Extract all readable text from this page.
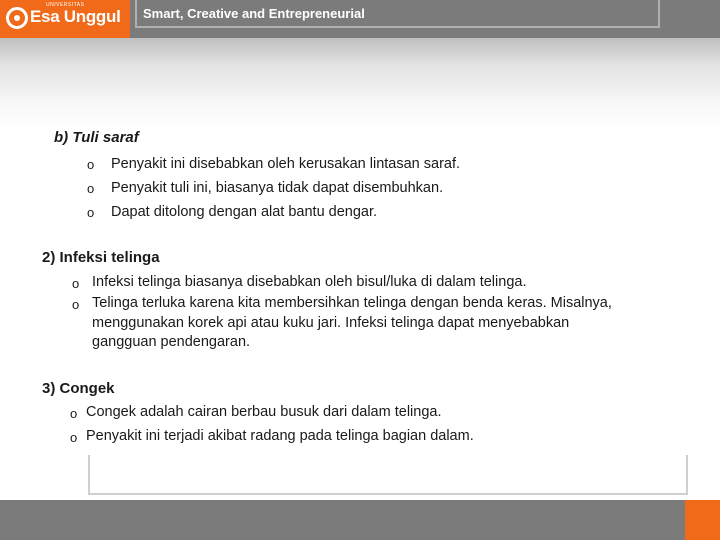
UNIVERSITAS
Esa Unggul Smart, Creative and Entrepreneurial
b) Tuli saraf
o Penyakit ini disebabkan oleh kerusakan lintasan saraf.
o Penyakit tuli ini, biasanya tidak dapat disembuhkan.
o Dapat ditolong dengan alat bantu dengar.
2) Infeksi telinga
o Infeksi telinga biasanya disebabkan oleh bisul/luka di dalam telinga.
o Telinga terluka karena kita membersihkan telinga dengan benda keras. Misalnya,
menggunakan korek api atau kuku jari. Infeksi telinga dapat menyebabkan
gangguan pendengaran.
3) Congek
o Congek adalah cairan berbau busuk dari dalam telinga.
o Penyakit ini terjadi akibat radang pada telinga bagian dalam.
